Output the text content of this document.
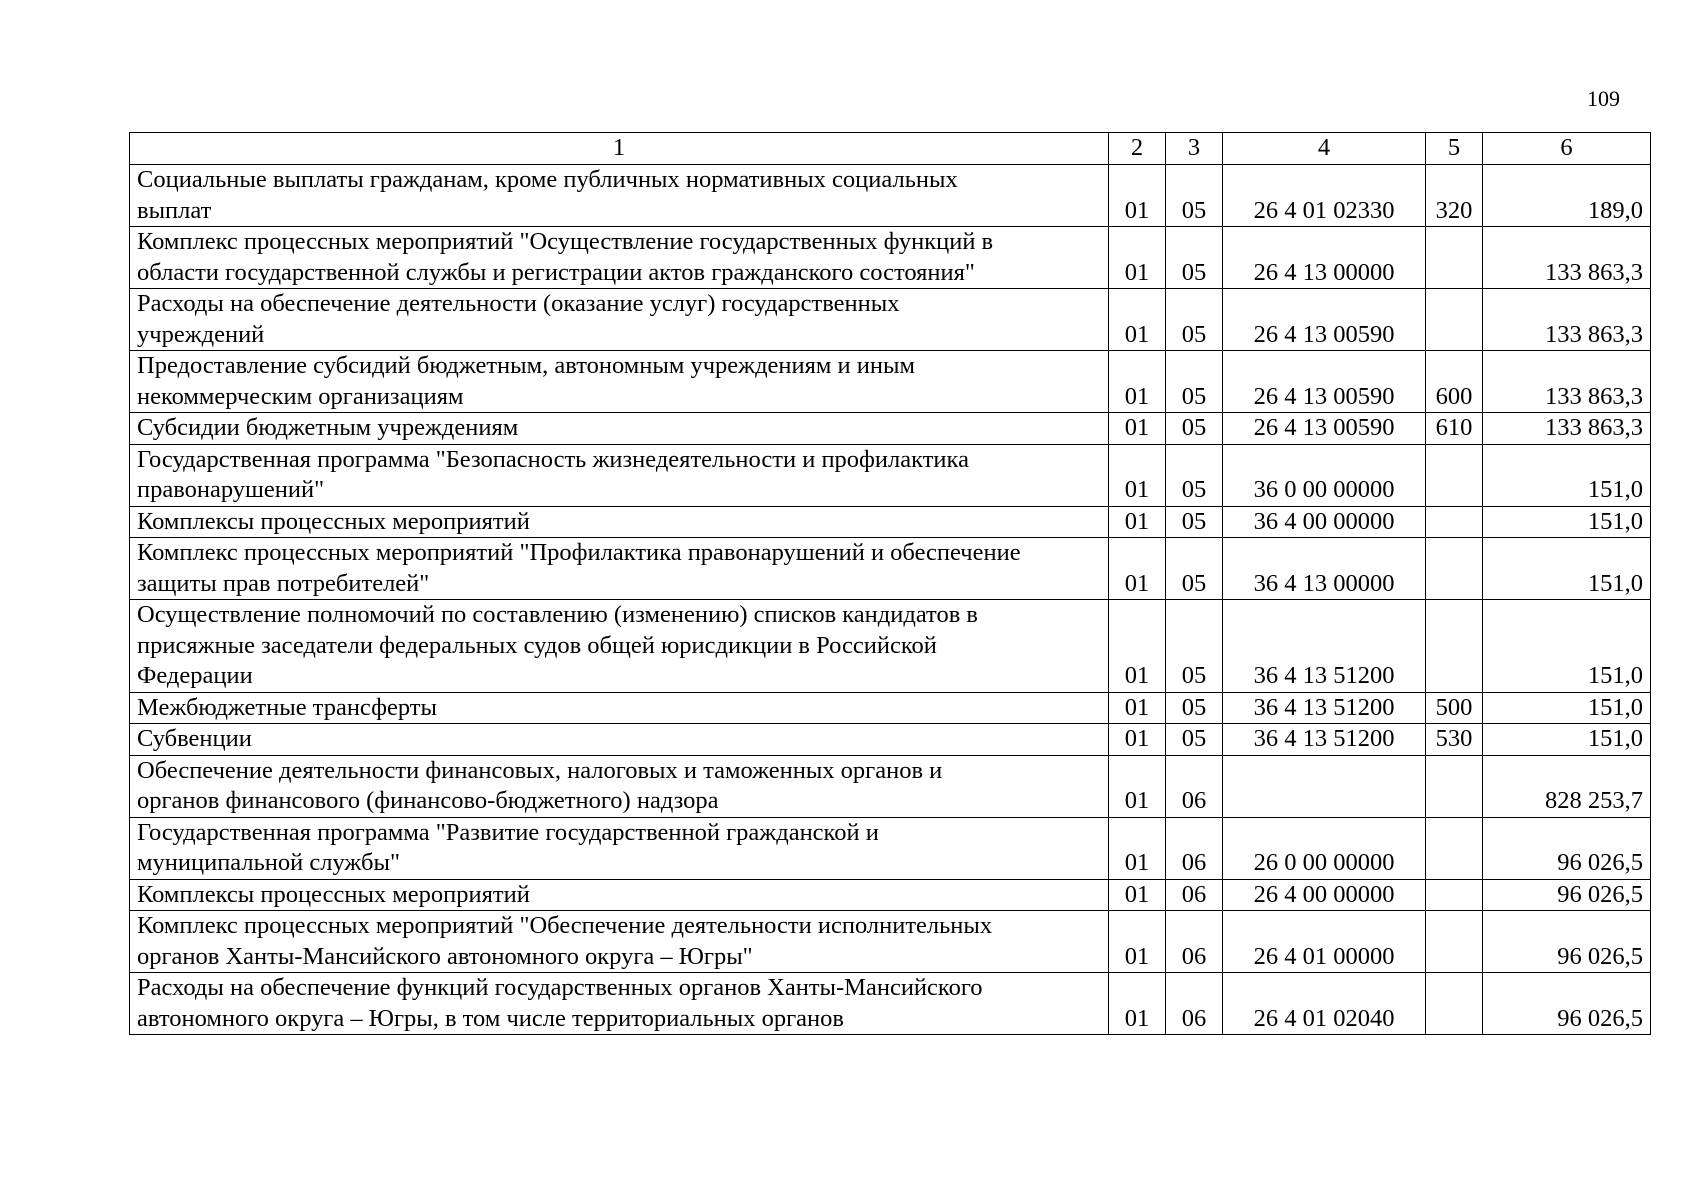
109
1	2	3	4	5	6
Социальные выплаты гражданам, кроме публичных нормативных социальных
выплат	01	05	26 4 01 02330	320	189,0
Комплекс процессных мероприятий "Осуществление государственных функций в
области государственной службы и регистрации актов гражданского состояния"	01	05	26 4 13 00000		133 863,3
Расходы на обеспечение деятельности (оказание услуг) государственных
учреждений	01	05	26 4 13 00590		133 863,3
Предоставление субсидий бюджетным, автономным учреждениям и иным
некоммерческим организациям	01	05	26 4 13 00590	600	133 863,3
Субсидии бюджетным учреждениям	01	05	26 4 13 00590	610	133 863,3
Государственная программа "Безопасность жизнедеятельности и профилактика
правонарушений"	01	05	36 0 00 00000		151,0
Комплексы процессных мероприятий	01	05	36 4 00 00000		151,0
Комплекс процессных мероприятий "Профилактика правонарушений и обеспечение
защиты прав потребителей"	01	05	36 4 13 00000		151,0
Осуществление полномочий по составлению (изменению) списков кандидатов в
присяжные заседатели федеральных судов общей юрисдикции в Российской
Федерации	01	05	36 4 13 51200		151,0
Межбюджетные трансферты	01	05	36 4 13 51200	500	151,0
Субвенции	01	05	36 4 13 51200	530	151,0
Обеспечение деятельности финансовых, налоговых и таможенных органов и
органов финансового (финансово-бюджетного) надзора	01	06			828 253,7
Государственная программа "Развитие государственной гражданской и
муниципальной службы"	01	06	26 0 00 00000		96 026,5
Комплексы процессных мероприятий	01	06	26 4 00 00000		96 026,5
Комплекс процессных мероприятий "Обеспечение деятельности исполнительных
органов Ханты-Мансийского автономного округа – Югры"	01	06	26 4 01 00000		96 026,5
Расходы на обеспечение функций государственных органов Ханты-Мансийского
автономного округа – Югры, в том числе территориальных органов	01	06	26 4 01 02040		96 026,5
